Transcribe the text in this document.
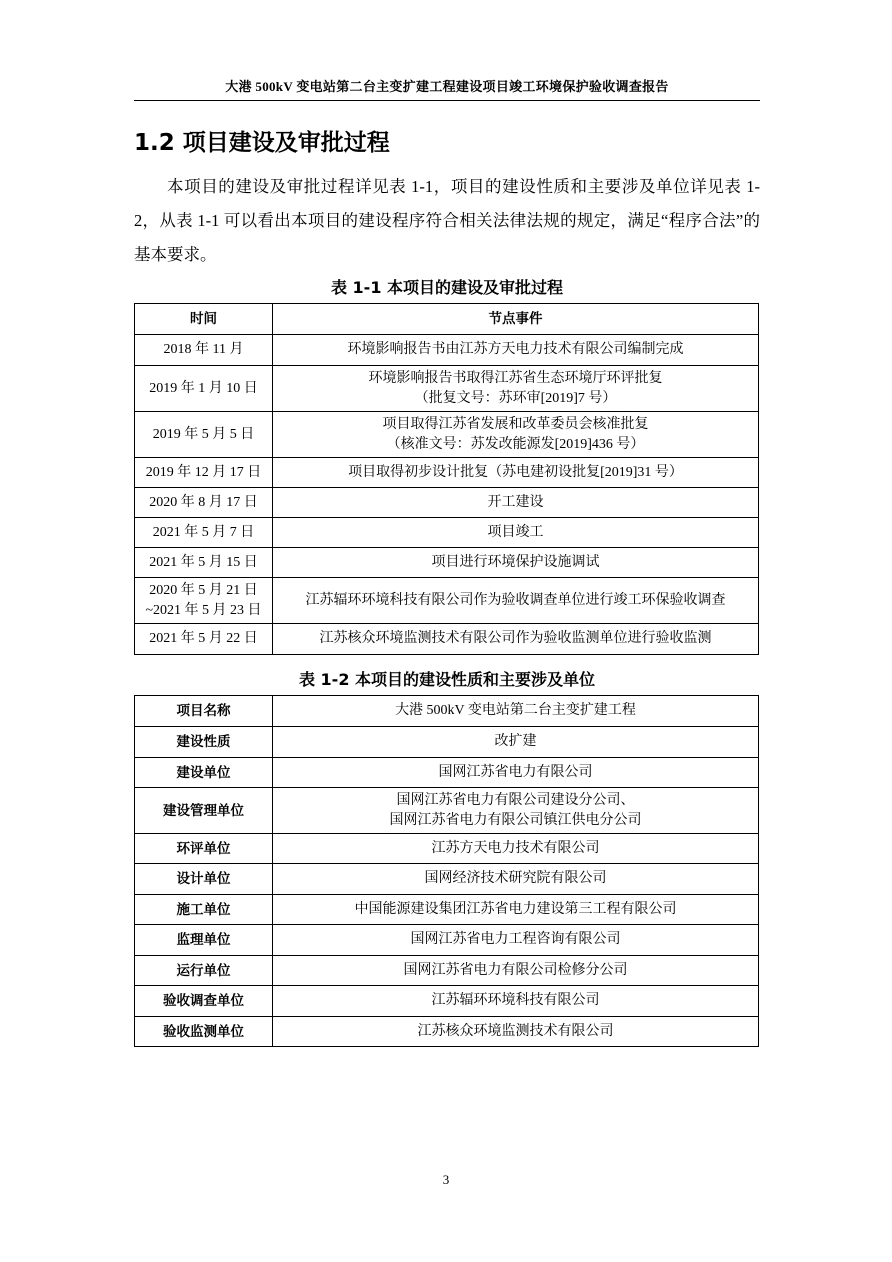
大港 500kV 变电站第二台主变扩建工程建设项目竣工环境保护验收调查报告
1.2 项目建设及审批过程
本项目的建设及审批过程详见表 1-1，项目的建设性质和主要涉及单位详见表 1-2，从表 1-1 可以看出本项目的建设程序符合相关法律法规的规定，满足“程序合法”的基本要求。
表 1-1 本项目的建设及审批过程
时间	节点事件
2018 年 11 月	环境影响报告书由江苏方天电力技术有限公司编制完成

2019 年 1 月 10 日	环境影响报告书取得江苏省生态环境厅环评批复
（批复文号：苏环审[2019]7 号）

2019 年 5 月 5 日	项目取得江苏省发展和改革委员会核准批复
（核准文号：苏发改能源发[2019]436 号）

2019 年 12 月 17 日	项目取得初步设计批复（苏电建初设批复[2019]31 号）

2020 年 8 月 17 日	开工建设

2021 年 5 月 7 日	项目竣工

2021 年 5 月 15 日	项目进行环境保护设施调试

2020 年 5 月 21 日
~2021 年 5 月 23 日	江苏辐环环境科技有限公司作为验收调查单位进行竣工环保验收调查

2021 年 5 月 22 日	江苏核众环境监测技术有限公司作为验收监测单位进行验收监测
表 1-2 本项目的建设性质和主要涉及单位
项目名称	大港 500kV 变电站第二台主变扩建工程

建设性质	改扩建

建设单位	国网江苏省电力有限公司

建设管理单位	国网江苏省电力有限公司建设分公司、
国网江苏省电力有限公司镇江供电分公司

环评单位	江苏方天电力技术有限公司

设计单位	国网经济技术研究院有限公司

施工单位	中国能源建设集团江苏省电力建设第三工程有限公司

监理单位	国网江苏省电力工程咨询有限公司

运行单位	国网江苏省电力有限公司检修分公司

验收调查单位	江苏辐环环境科技有限公司

验收监测单位	江苏核众环境监测技术有限公司
3
